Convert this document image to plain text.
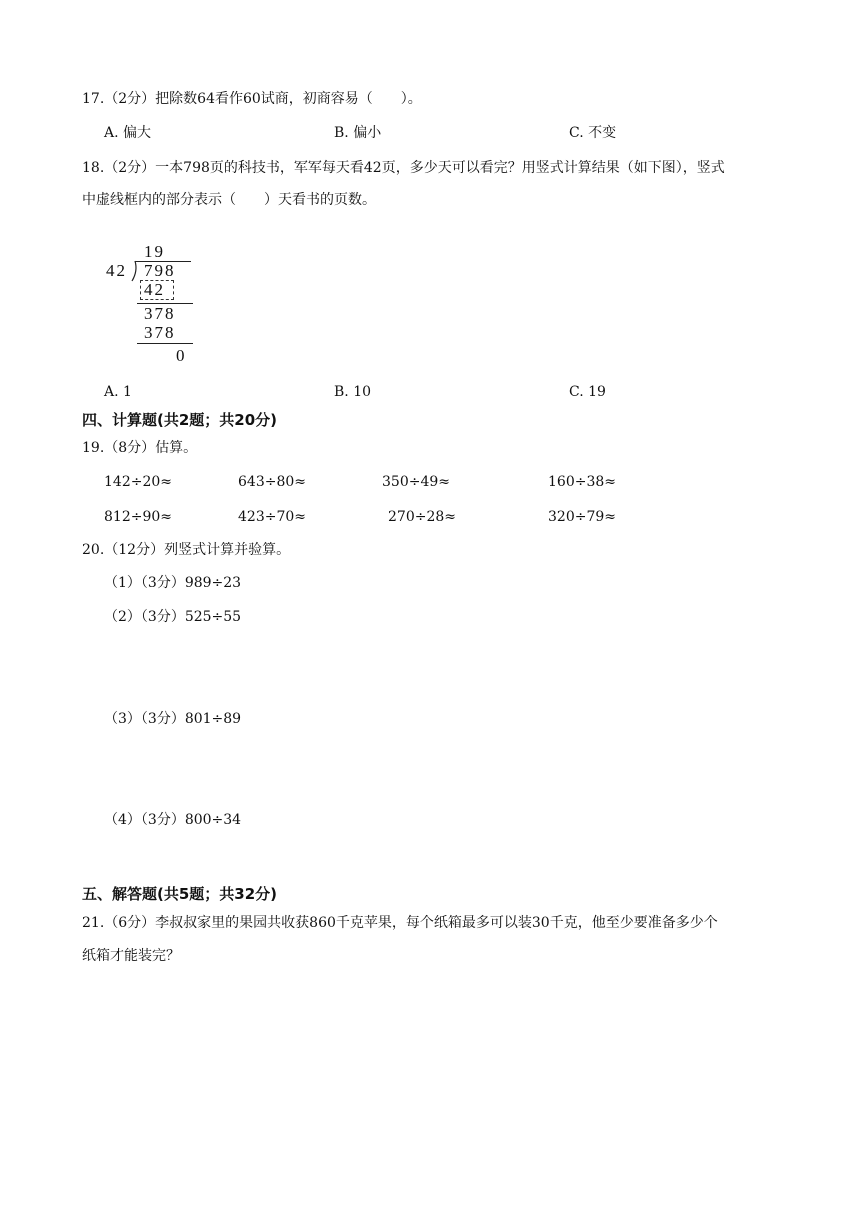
17.（2分）把除数64看作60试商，初商容易（　　）。
A. 偏大	B. 偏小	C. 不变
18.（2分）一本798页的科技书，军军每天看42页，多少天可以看完？用竖式计算结果（如下图），竖式
中虚线框内的部分表示（　　）天看书的页数。
19
42 798
42
378
378
0
A. 1	B. 10	C. 19
四、计算题(共2题；共20分)
19.（8分）估算。
142÷20≈	643÷80≈	350÷49≈	160÷38≈
812÷90≈	423÷70≈	270÷28≈	320÷79≈
20.（12分）列竖式计算并验算。
（1）（3分）989÷23
（2）（3分）525÷55
（3）（3分）801÷89
（4）（3分）800÷34
五、解答题(共5题；共32分)
21.（6分）李叔叔家里的果园共收获860千克苹果，每个纸箱最多可以装30千克，他至少要准备多少个
纸箱才能装完？
